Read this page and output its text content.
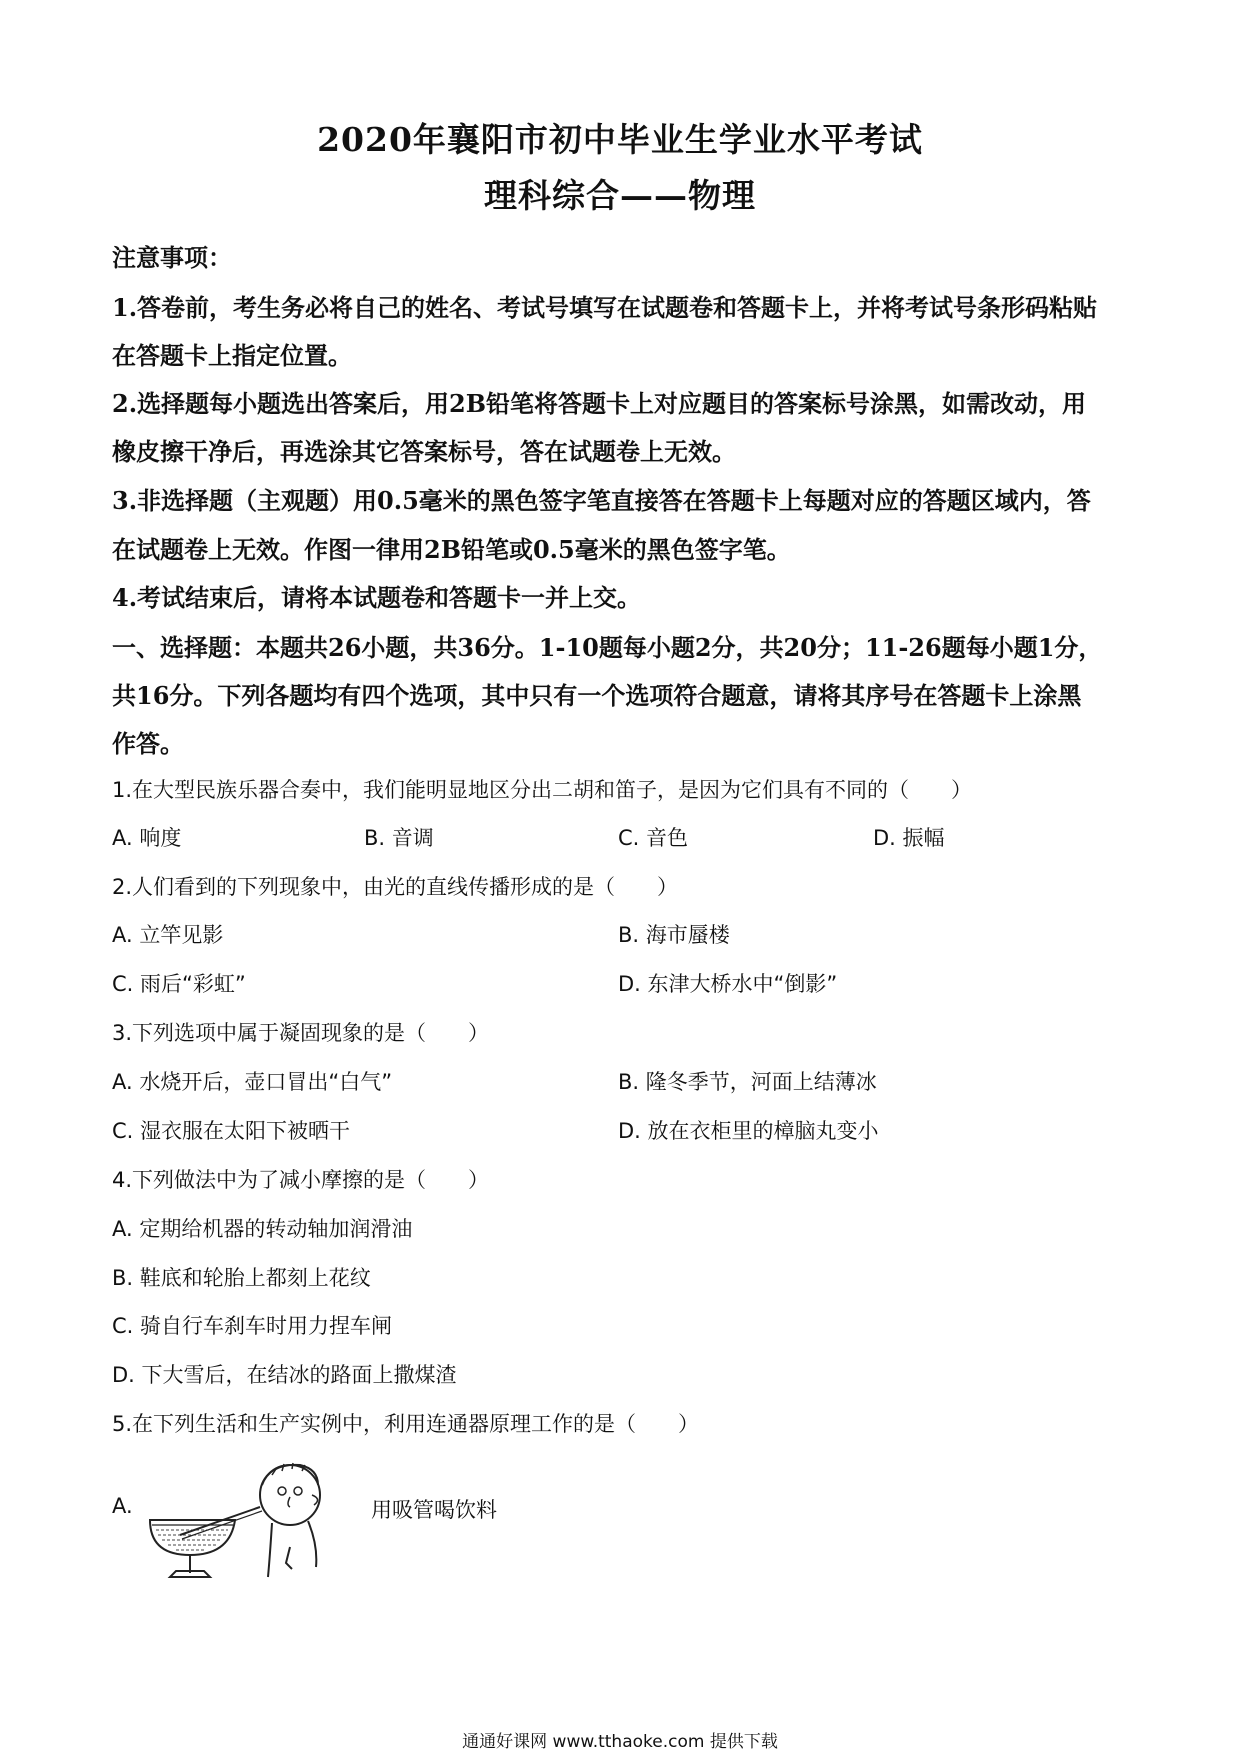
2020年襄阳市初中毕业生学业水平考试
理科综合——物理
注意事项：
1.答卷前，考生务必将自己的姓名、考试号填写在试题卷和答题卡上，并将考试号条形码粘贴
在答题卡上指定位置。
2.选择题每小题选出答案后，用2B铅笔将答题卡上对应题目的答案标号涂黑，如需改动，用
橡皮擦干净后，再选涂其它答案标号，答在试题卷上无效。
3.非选择题（主观题）用0.5毫米的黑色签字笔直接答在答题卡上每题对应的答题区域内，答
在试题卷上无效。作图一律用2B铅笔或0.5毫米的黑色签字笔。
4.考试结束后，请将本试题卷和答题卡一并上交。
一、选择题：本题共26小题，共36分。1-10题每小题2分，共20分；11-26题每小题1分，
共16分。下列各题均有四个选项，其中只有一个选项符合题意，请将其序号在答题卡上涂黑
作答。
1.在大型民族乐器合奏中，我们能明显地区分出二胡和笛子，是因为它们具有不同的（　　）
A. 响度	B. 音调	C. 音色	D. 振幅
2.人们看到的下列现象中，由光的直线传播形成的是（　　）
A. 立竿见影	B. 海市蜃楼
C. 雨后“彩虹”	D. 东津大桥水中“倒影”
3.下列选项中属于凝固现象的是（　　）
A. 水烧开后，壶口冒出“白气”	B. 隆冬季节，河面上结薄冰
C. 湿衣服在太阳下被晒干	D. 放在衣柜里的樟脑丸变小
4.下列做法中为了减小摩擦的是（　　）
A. 定期给机器的转动轴加润滑油
B. 鞋底和轮胎上都刻上花纹
C. 骑自行车刹车时用力捏车闸
D. 下大雪后，在结冰的路面上撒煤渣
5.在下列生活和生产实例中，利用连通器原理工作的是（　　）
A.	用吸管喝饮料
通通好课网 www.tthaoke.com 提供下载
